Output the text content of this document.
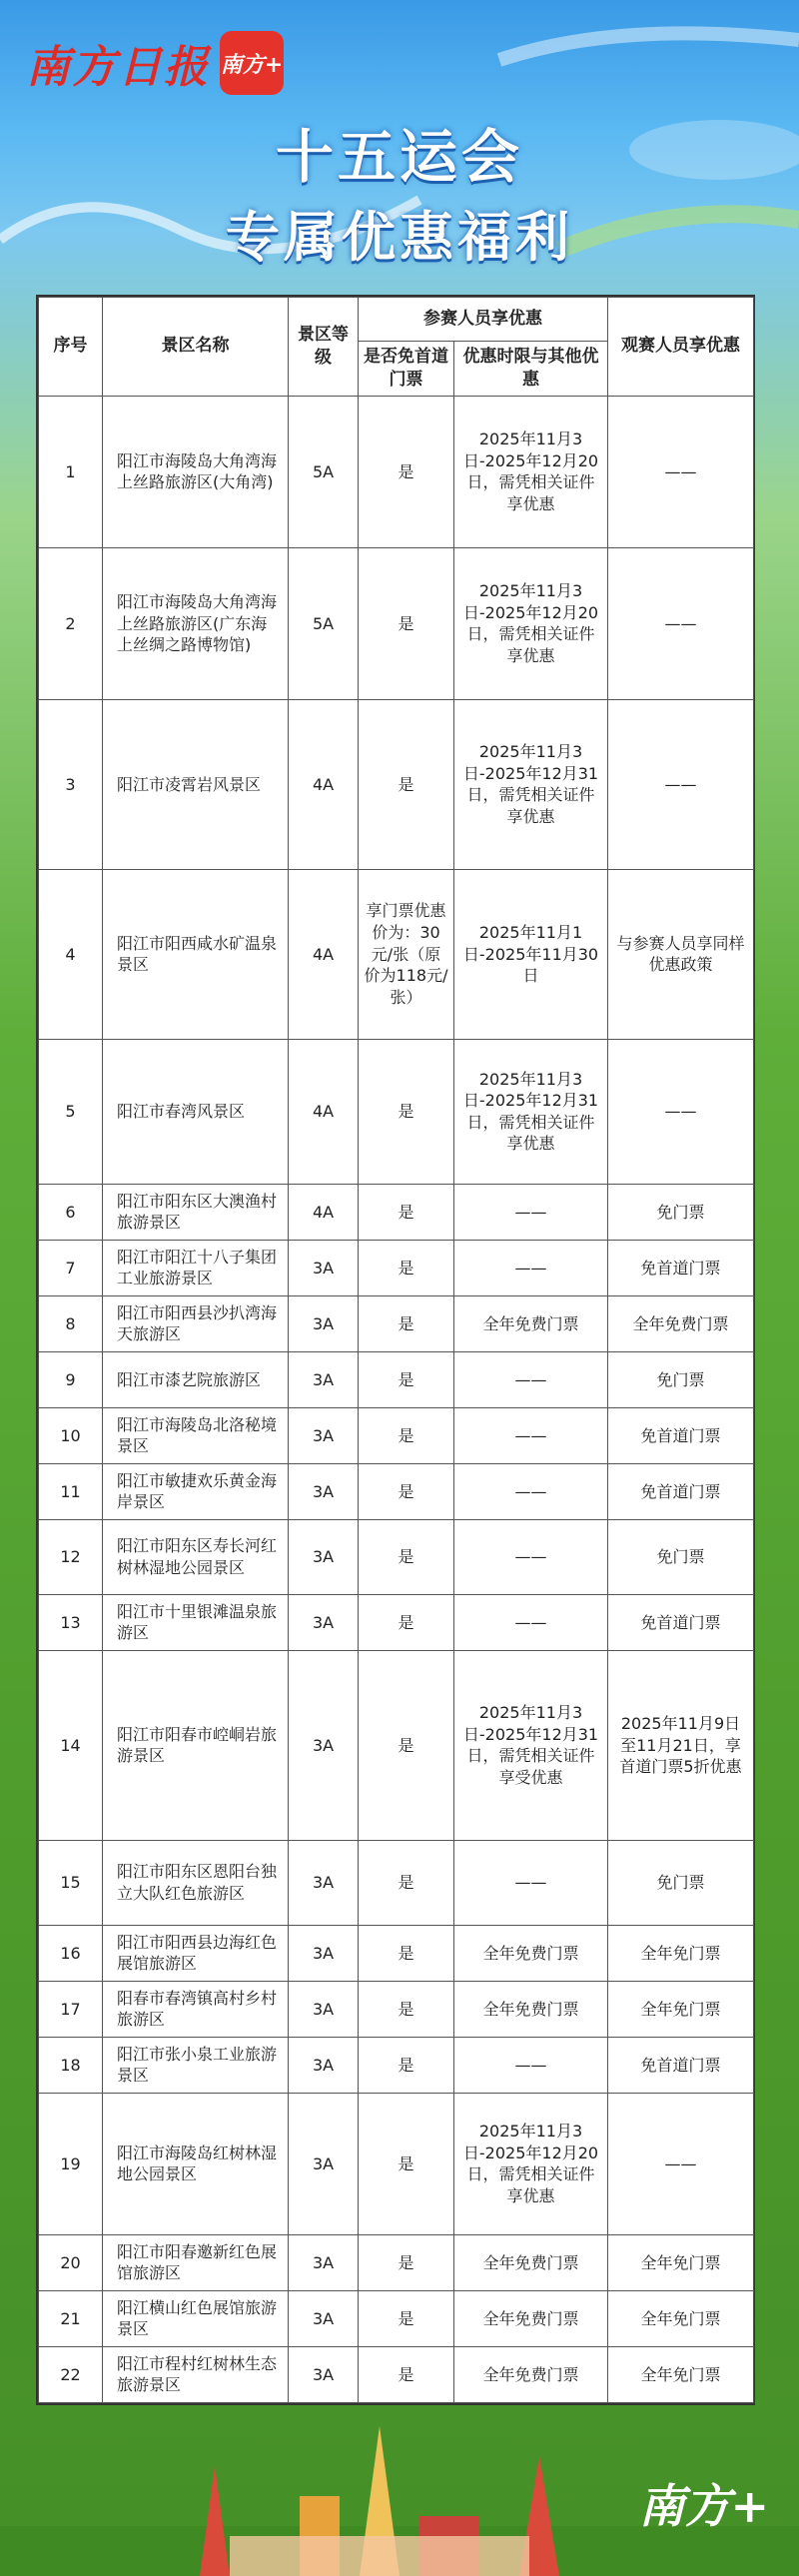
南方日报 南方+
十五运会
专属优惠福利
序号	景区名称	景区等级	参赛人员享优惠		观赛人员享优惠
			是否免首道门票	优惠时限与其他优惠	
1	阳江市海陵岛大角湾海上丝路旅游区(大角湾)	5A	是	2025年11月3日-2025年12月20日，需凭相关证件享优惠	——
2	阳江市海陵岛大角湾海上丝路旅游区(广东海上丝绸之路博物馆)	5A	是	2025年11月3日-2025年12月20日，需凭相关证件享优惠	——
3	阳江市凌霄岩风景区	4A	是	2025年11月3日-2025年12月31日，需凭相关证件享优惠	——
4	阳江市阳西咸水矿温泉景区	4A	享门票优惠价为：30元/张（原价为118元/张）	2025年11月1日-2025年11月30日	与参赛人员享同样优惠政策
5	阳江市春湾风景区	4A	是	2025年11月3日-2025年12月31日，需凭相关证件享优惠	——
6	阳江市阳东区大澳渔村旅游景区	4A	是	——	免门票
7	阳江市阳江十八子集团工业旅游景区	3A	是	——	免首道门票
8	阳江市阳西县沙扒湾海天旅游区	3A	是	全年免费门票	全年免费门票
9	阳江市漆艺院旅游区	3A	是	——	免门票
10	阳江市海陵岛北洛秘境景区	3A	是	——	免首道门票
11	阳江市敏捷欢乐黄金海岸景区	3A	是	——	免首道门票
12	阳江市阳东区寿长河红树林湿地公园景区	3A	是	——	免门票
13	阳江市十里银滩温泉旅游区	3A	是	——	免首道门票
14	阳江市阳春市崆峒岩旅游景区	3A	是	2025年11月3日-2025年12月31日，需凭相关证件享受优惠	2025年11月9日至11月21日，享首道门票5折优惠
15	阳江市阳东区恩阳台独立大队红色旅游区	3A	是	——	免门票
16	阳江市阳西县边海红色展馆旅游区	3A	是	全年免费门票	全年免门票
17	阳春市春湾镇高村乡村旅游区	3A	是	全年免费门票	全年免门票
18	阳江市张小泉工业旅游景区	3A	是	——	免首道门票
19	阳江市海陵岛红树林湿地公园景区	3A	是	2025年11月3日-2025年12月20日，需凭相关证件享优惠	——
20	阳江市阳春邀新红色展馆旅游区	3A	是	全年免费门票	全年免门票
21	阳江横山红色展馆旅游景区	3A	是	全年免费门票	全年免门票
22	阳江市程村红树林生态旅游景区	3A	是	全年免费门票	全年免门票
南方+
